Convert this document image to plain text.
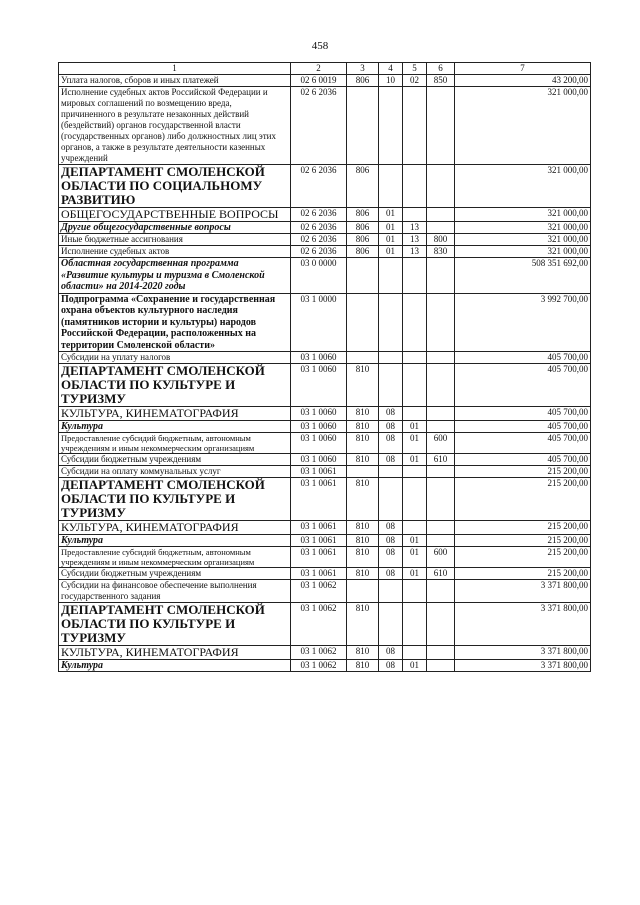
458
1	2	3	4	5	6	7
Уплата налогов, сборов и иных платежей	02 6 0019	806	10	02	850	43 200,00
Исполнение судебных актов Российской Федерации и мировых соглашений по возмещению вреда, причиненного в результате незаконных действий (бездействий) органов государственной власти (государственных органов) либо должностных лиц этих органов, а также в результате деятельности казенных учреждений	02 6 2036					321 000,00
ДЕПАРТАМЕНТ СМОЛЕНСКОЙ ОБЛАСТИ ПО СОЦИАЛЬНОМУ РАЗВИТИЮ	02 6 2036	806				321 000,00
ОБЩЕГОСУДАРСТВЕННЫЕ ВОПРОСЫ	02 6 2036	806	01			321 000,00
Другие общегосударственные вопросы	02 6 2036	806	01	13		321 000,00
Иные бюджетные ассигнования	02 6 2036	806	01	13	800	321 000,00
Исполнение судебных актов	02 6 2036	806	01	13	830	321 000,00
Областная государственная программа «Развитие культуры и туризма в Смоленской области» на 2014-2020 годы	03 0 0000					508 351 692,00
Подпрограмма «Сохранение и государственная охрана объектов культурного наследия (памятников истории и культуры) народов Российской Федерации, расположенных на территории Смоленской области»	03 1 0000					3 992 700,00
Субсидии на уплату налогов	03 1 0060					405 700,00
ДЕПАРТАМЕНТ СМОЛЕНСКОЙ ОБЛАСТИ ПО КУЛЬТУРЕ И ТУРИЗМУ	03 1 0060	810				405 700,00
КУЛЬТУРА, КИНЕМАТОГРАФИЯ	03 1 0060	810	08			405 700,00
Культура	03 1 0060	810	08	01		405 700,00
Предоставление субсидий бюджетным, автономным учреждениям и иным некоммерческим организациям	03 1 0060	810	08	01	600	405 700,00
Субсидии бюджетным учреждениям	03 1 0060	810	08	01	610	405 700,00
Субсидии на оплату коммунальных услуг	03 1 0061					215 200,00
ДЕПАРТАМЕНТ СМОЛЕНСКОЙ ОБЛАСТИ ПО КУЛЬТУРЕ И ТУРИЗМУ	03 1 0061	810				215 200,00
КУЛЬТУРА, КИНЕМАТОГРАФИЯ	03 1 0061	810	08			215 200,00
Культура	03 1 0061	810	08	01		215 200,00
Предоставление субсидий бюджетным, автономным учреждениям и иным некоммерческим организациям	03 1 0061	810	08	01	600	215 200,00
Субсидии бюджетным учреждениям	03 1 0061	810	08	01	610	215 200,00
Субсидии на финансовое обеспечение выполнения государственного задания	03 1 0062					3 371 800,00
ДЕПАРТАМЕНТ СМОЛЕНСКОЙ ОБЛАСТИ ПО КУЛЬТУРЕ И ТУРИЗМУ	03 1 0062	810				3 371 800,00
КУЛЬТУРА, КИНЕМАТОГРАФИЯ	03 1 0062	810	08			3 371 800,00
Культура	03 1 0062	810	08	01		3 371 800,00
